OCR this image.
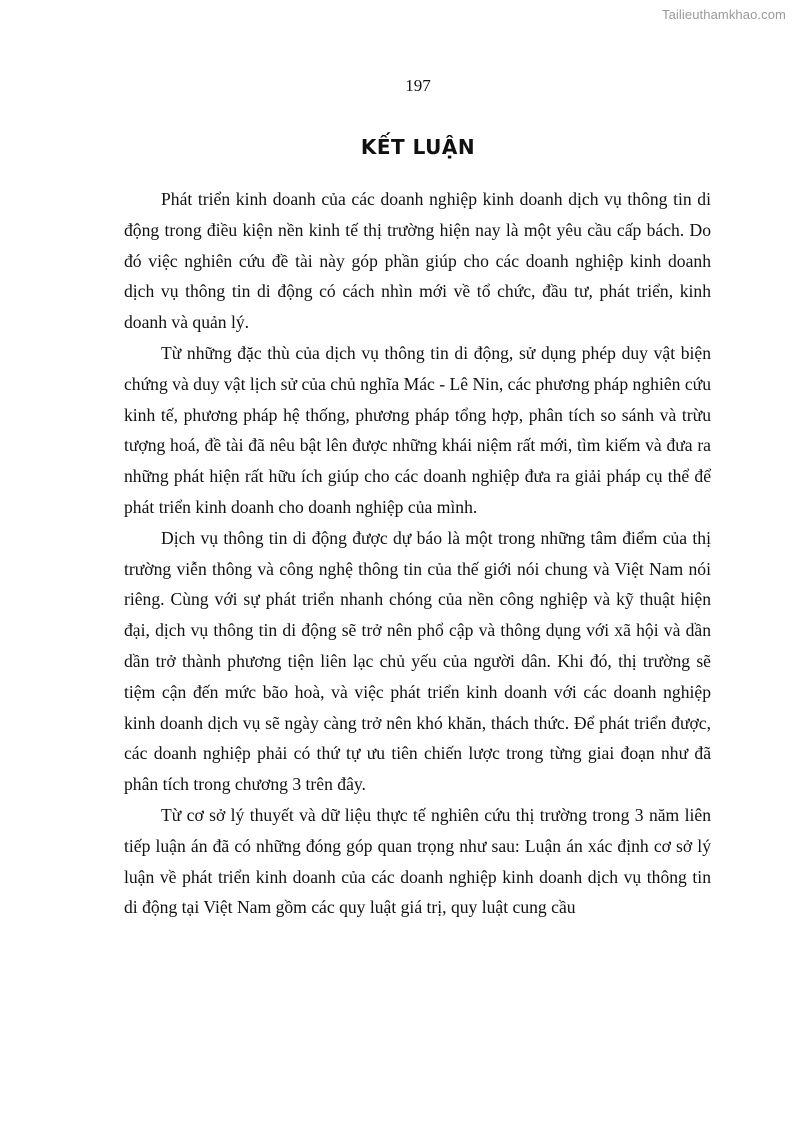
Tailieuthamkhao.com
197
KẾT LUẬN

Phát triển kinh doanh của các doanh nghiệp kinh doanh dịch vụ thông tin di động trong điều kiện nền kinh tế thị trường hiện nay là một yêu cầu cấp bách. Do đó việc nghiên cứu đề tài này góp phần giúp cho các doanh nghiệp kinh doanh dịch vụ thông tin di động có cách nhìn mới về tổ chức, đầu tư, phát triển, kinh doanh và quản lý.

Từ những đặc thù của dịch vụ thông tin di động, sử dụng phép duy vật biện chứng và duy vật lịch sử của chủ nghĩa Mác - Lê Nin, các phương pháp nghiên cứu kinh tế, phương pháp hệ thống, phương pháp tổng hợp, phân tích so sánh và trừu tượng hoá, đề tài đã nêu bật lên được những khái niệm rất mới, tìm kiếm và đưa ra những phát hiện rất hữu ích giúp cho các doanh nghiệp đưa ra giải pháp cụ thể để phát triển kinh doanh cho doanh nghiệp của mình.

Dịch vụ thông tin di động được dự báo là một trong những tâm điểm của thị trường viễn thông và công nghệ thông tin của thế giới nói chung và Việt Nam nói riêng. Cùng với sự phát triển nhanh chóng của nền công nghiệp và kỹ thuật hiện đại, dịch vụ thông tin di động sẽ trở nên phổ cập và thông dụng với xã hội và dần dần trở thành phương tiện liên lạc chủ yếu của người dân. Khi đó, thị trường sẽ tiệm cận đến mức bão hoà, và việc phát triển kinh doanh với các doanh nghiệp kinh doanh dịch vụ sẽ ngày càng trở nên khó khăn, thách thức. Để phát triển được, các doanh nghiệp phải có thứ tự ưu tiên chiến lược trong từng giai đoạn như đã phân tích trong chương 3 trên đây.

Từ cơ sở lý thuyết và dữ liệu thực tế nghiên cứu thị trường trong 3 năm liên tiếp luận án đã có những đóng góp quan trọng như sau: Luận án xác định cơ sở lý luận về phát triển kinh doanh của các doanh nghiệp kinh doanh dịch vụ thông tin di động tại Việt Nam gồm các quy luật giá trị, quy luật cung cầu
